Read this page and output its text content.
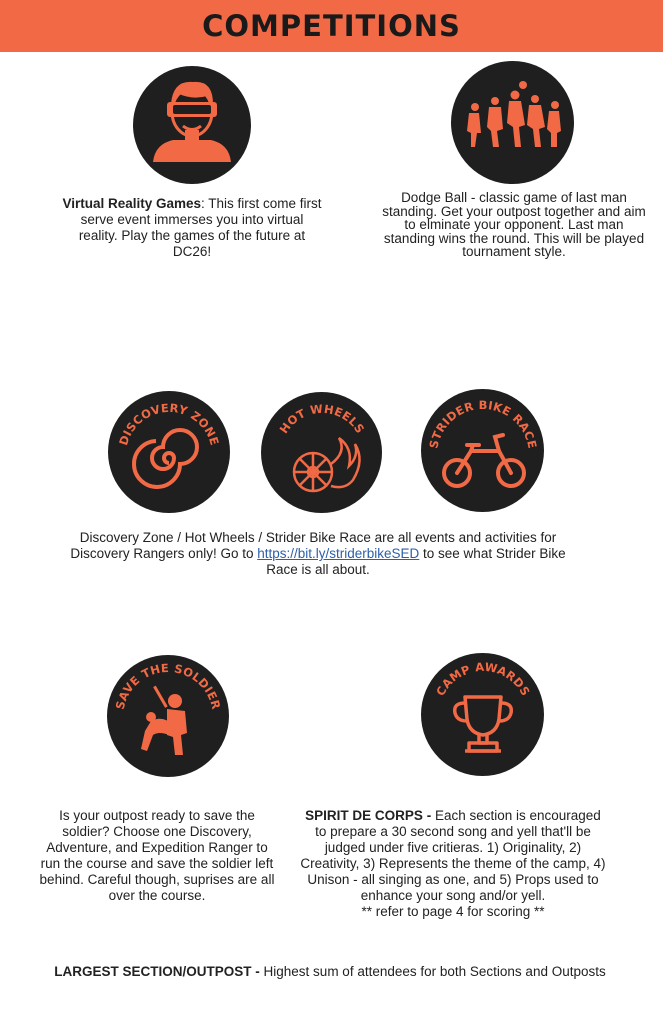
COMPETITIONS
Virtual Reality Games: This first come first serve event immerses you into virtual reality. Play the games of the future at DC26!
Dodge Ball - classic game of last man standing. Get your outpost together and aim to elminate your opponent. Last man standing wins the round. This will be played tournament style.
DISCOVERY ZONE
HOT WHEELS
STRIDER BIKE RACE
Discovery Zone / Hot Wheels / Strider Bike Race are all events and activities for Discovery Rangers only! Go to https://bit.ly/striderbikeSED to see what Strider Bike Race is all about.
SAVE THE SOLDIER
CAMP AWARDS
Is your outpost ready to save the soldier? Choose one Discovery, Adventure, and Expedition Ranger to run the course and save the soldier left behind. Careful though, suprises are all over the course.
SPIRIT DE CORPS - Each section is encouraged to prepare a 30 second song and yell that'll be judged under five critieras. 1) Originality, 2) Creativity, 3) Represents the theme of the camp, 4) Unison - all singing as one, and 5) Props used to enhance your song and/or yell.
** refer to page 4 for scoring **
LARGEST SECTION/OUTPOST - Highest sum of attendees for both Sections and Outposts
